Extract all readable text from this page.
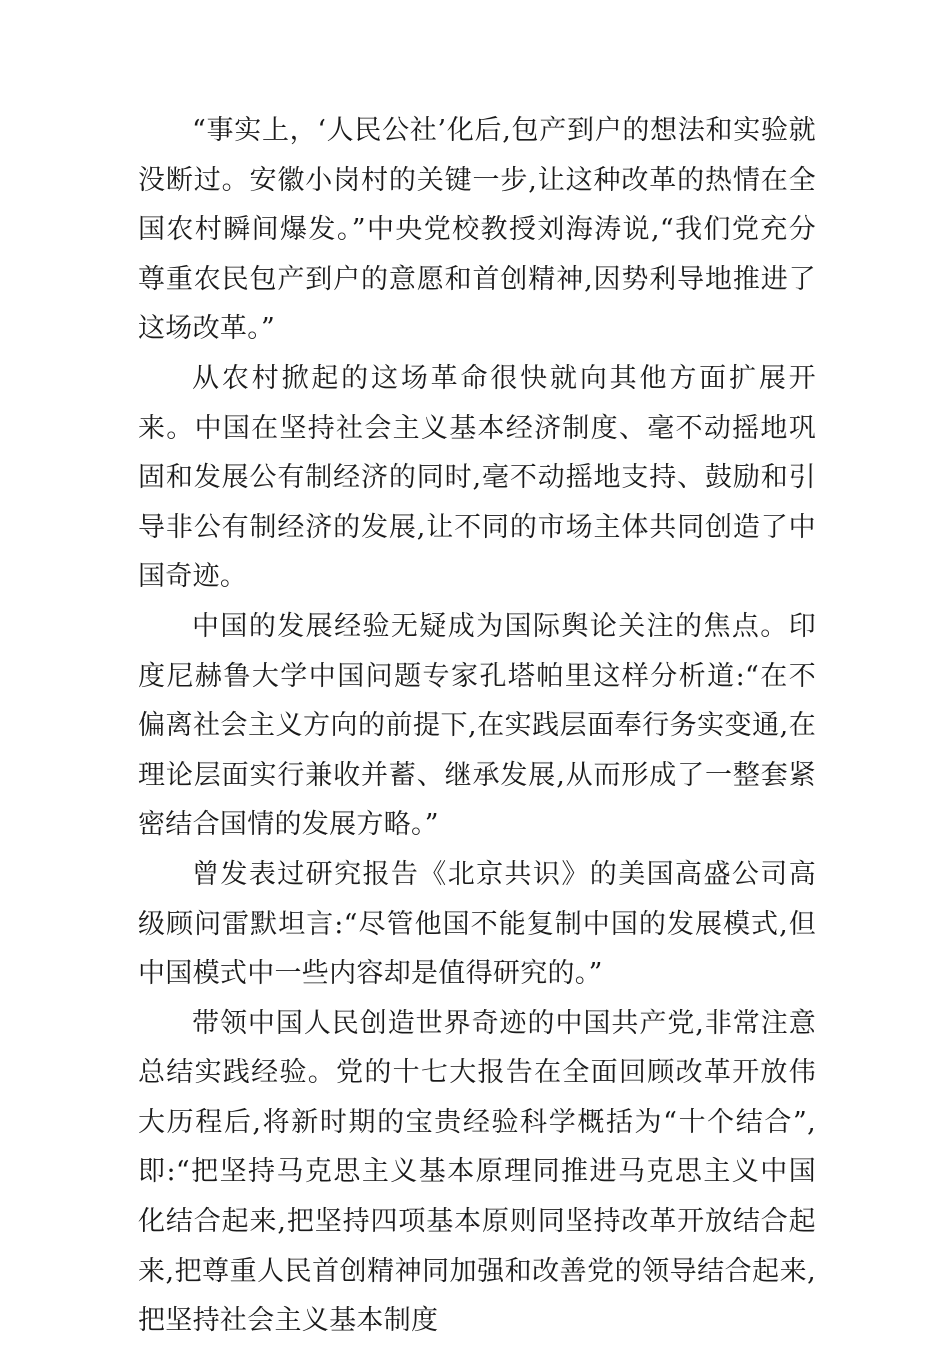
“事实上，‘人民公社’化后,包产到户的想法和实验就没断过。安徽小岗村的关键一步,让这种改革的热情在全国农村瞬间爆发。”中央党校教授刘海涛说,“我们党充分尊重农民包产到户的意愿和首创精神,因势利导地推进了这场改革。”

从农村掀起的这场革命很快就向其他方面扩展开来。中国在坚持社会主义基本经济制度、毫不动摇地巩固和发展公有制经济的同时,毫不动摇地支持、鼓励和引导非公有制经济的发展,让不同的市场主体共同创造了中国奇迹。

中国的发展经验无疑成为国际舆论关注的焦点。印度尼赫鲁大学中国问题专家孔塔帕里这样分析道:“在不偏离社会主义方向的前提下,在实践层面奉行务实变通,在理论层面实行兼收并蓄、继承发展,从而形成了一整套紧密结合国情的发展方略。”

曾发表过研究报告《北京共识》的美国高盛公司高级顾问雷默坦言:“尽管他国不能复制中国的发展模式,但中国模式中一些内容却是值得研究的。”

带领中国人民创造世界奇迹的中国共产党,非常注意总结实践经验。党的十七大报告在全面回顾改革开放伟大历程后,将新时期的宝贵经验科学概括为“十个结合”,即:“把坚持马克思主义基本原理同推进马克思主义中国化结合起来,把坚持四项基本原则同坚持改革开放结合起来,把尊重人民首创精神同加强和改善党的领导结合起来,把坚持社会主义基本制度
